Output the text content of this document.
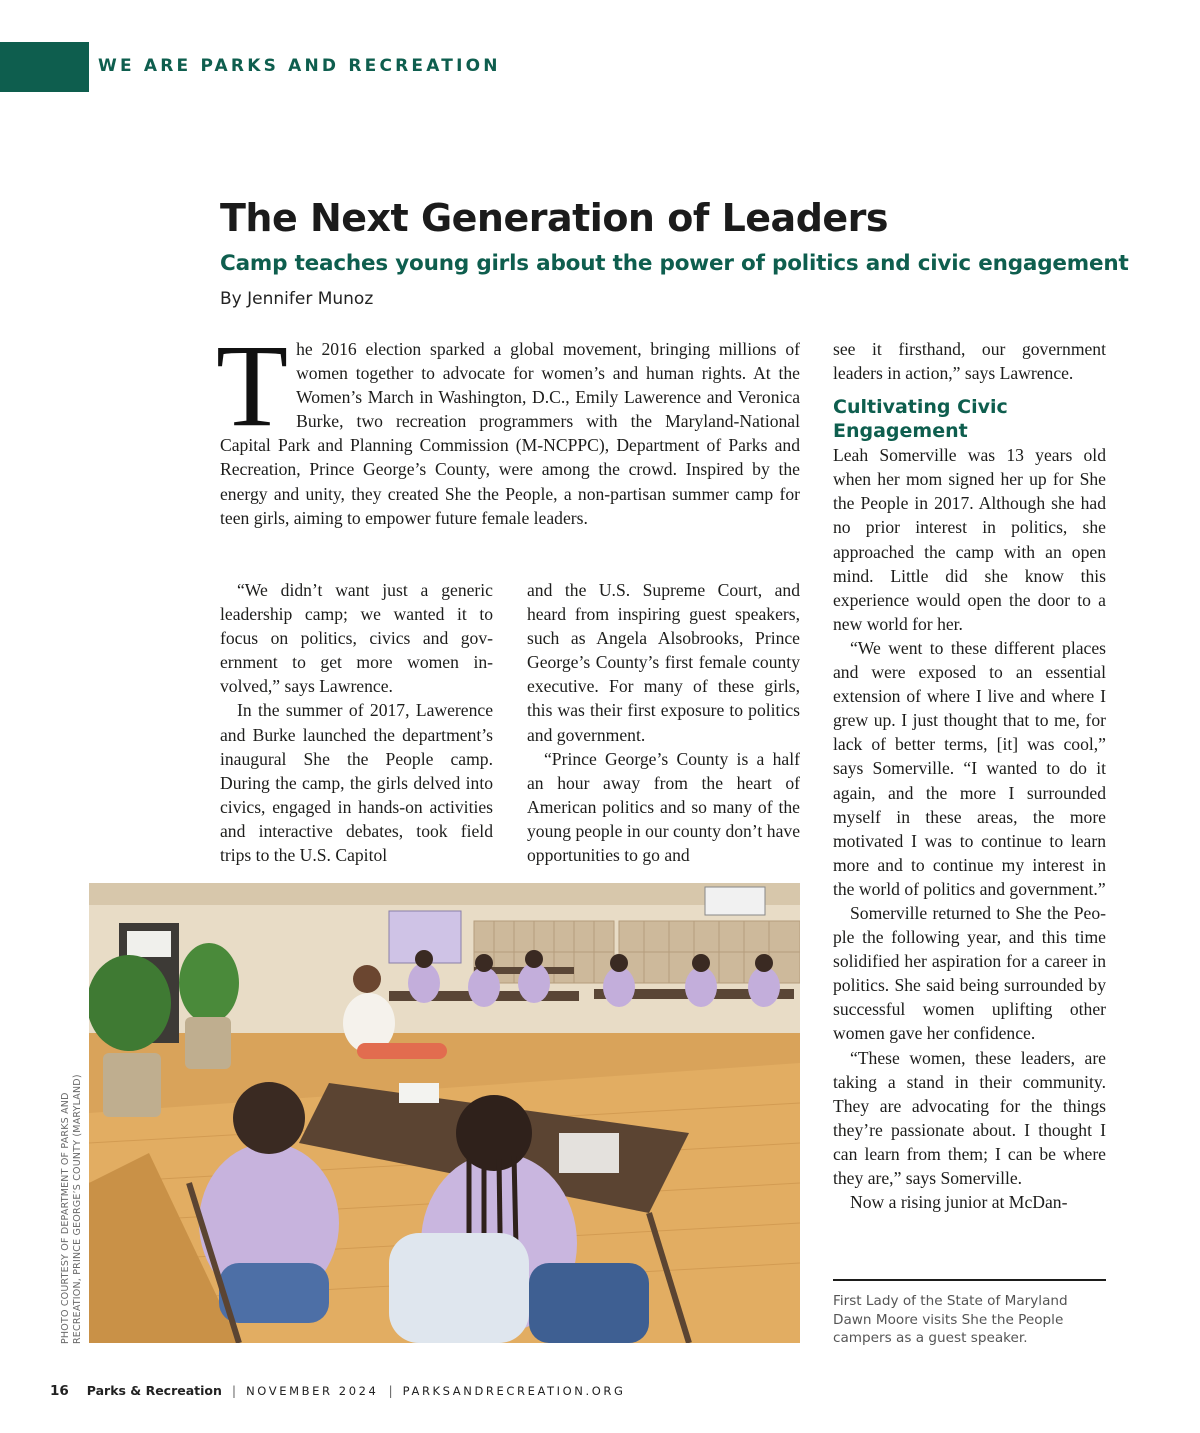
WE ARE PARKS AND RECREATION
The Next Generation of Leaders
Camp teaches young girls about the power of politics and civic engagement
By Jennifer Munoz
T he 2016 election sparked a global movement, bringing millions of women together to advocate for women’s and human rights. At the Women’s March in Washington, D.C., Emily Lawerence and Veronica Burke, two recreation programmers with the Maryland-National Capital Park and Planning Commission (M-NCPPC), Department of Parks and Recreation, Prince George’s County, were among the crowd. Inspired by the energy and unity, they created She the People, a non-partisan summer camp for teen girls, aiming to empower future female leaders.

“We didn’t want just a generic leadership camp; we wanted it to focus on politics, civics and government to get more women involved,” says Lawrence.

In the summer of 2017, Lawerence and Burke launched the department’s inaugural She the People camp. During the camp, the girls delved into civics, engaged in hands-on activities and interactive debates, took field trips to the U.S. Capitol

and the U.S. Supreme Court, and heard from inspiring guest speakers, such as Angela Alsobrooks, Prince George’s County’s first female county executive. For many of these girls, this was their first exposure to politics and government.

“Prince George’s County is a half an hour away from the heart of American politics and so many of the young people in our county don’t have opportunities to go and

see it firsthand, our government leaders in action,” says Lawrence.

Cultivating Civic Engagement

Leah Somerville was 13 years old when her mom signed her up for She the People in 2017. Although she had no prior interest in politics, she approached the camp with an open mind. Little did she know this experience would open the door to a new world for her.

“We went to these different places and were exposed to an essential extension of where I live and where I grew up. I just thought that to me, for lack of better terms, [it] was cool,” says Somerville. “I wanted to do it again, and the more I surrounded myself in these areas, the more motivated I was to continue to learn more and to continue my interest in the world of politics and government.”

Somerville returned to She the People the following year, and this time solidified her aspiration for a career in politics. She said being surrounded by successful women uplifting other women gave her confidence.

“These women, these leaders, are taking a stand in their community. They are advocating for the things they’re passionate about. I thought I can learn from them; I can be where they are,” says Somerville.

Now a rising junior at McDan-

PHOTO COURTESY OF DEPARTMENT OF PARKS AND RECREATION, PRINCE GEORGE’S COUNTY (MARYLAND)	First Lady of the State of Maryland Dawn Moore visits She the People campers as a guest speaker.
16 Parks & Recreation | NOVEMBER 2024 | PARKSANDRECREATION.ORG
